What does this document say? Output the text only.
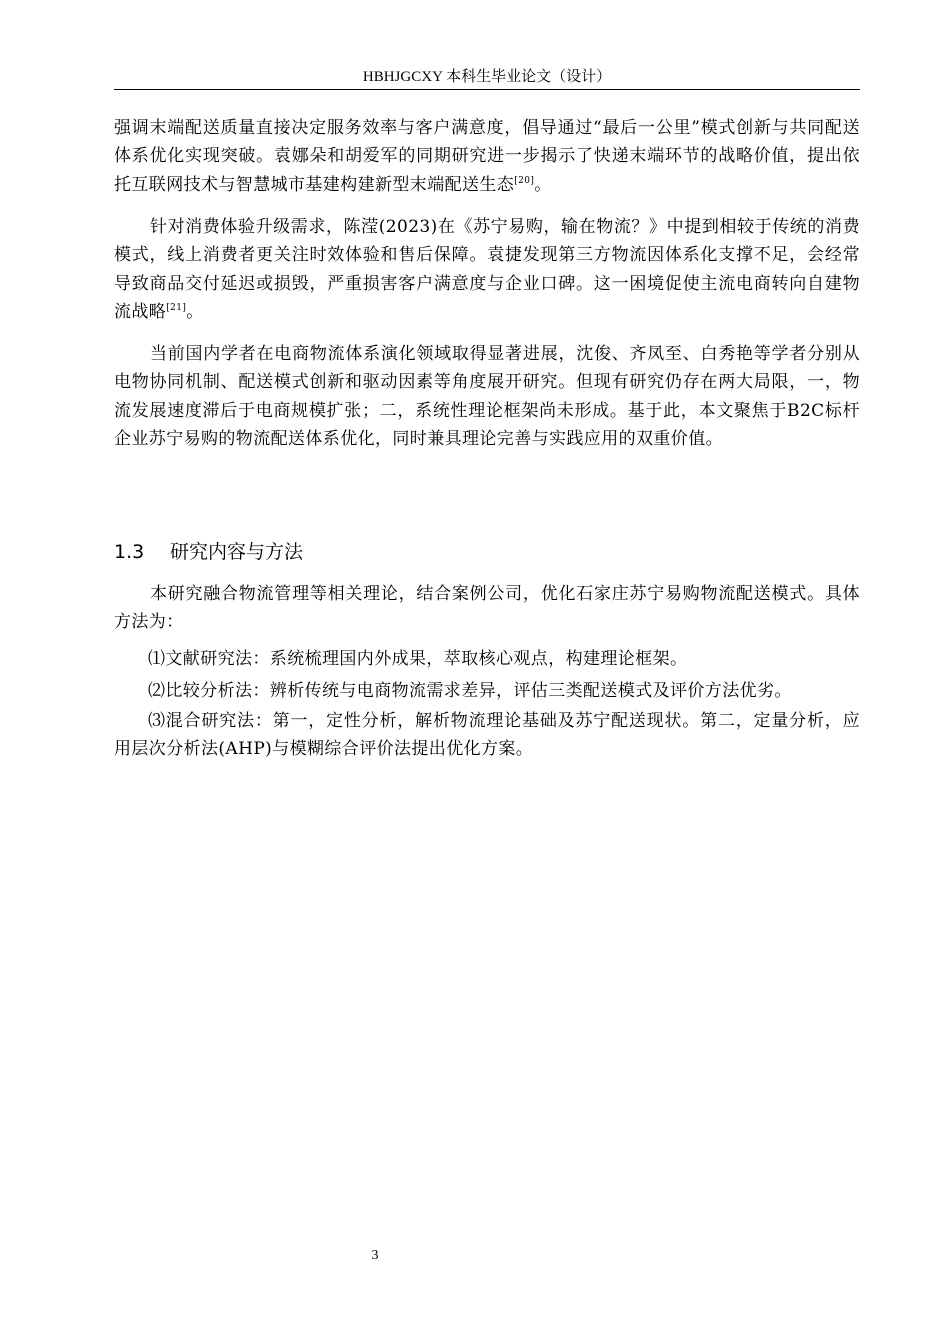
HBHJGCXY 本科生毕业论文（设计）

强调末端配送质量直接决定服务效率与客户满意度，倡导通过“最后一公里”模式创新与共同配送体系优化实现突破。袁娜朵和胡爱军的同期研究进一步揭示了快递末端环节的战略价值，提出依托互联网技术与智慧城市基建构建新型末端配送生态[20]。

针对消费体验升级需求，陈滢(2023)在《苏宁易购，输在物流？》中提到相较于传统的消费模式，线上消费者更关注时效体验和售后保障。袁捷发现第三方物流因体系化支撑不足，会经常导致商品交付延迟或损毁，严重损害客户满意度与企业口碑。这一困境促使主流电商转向自建物流战略[21]。

当前国内学者在电商物流体系演化领域取得显著进展，沈俊、齐凤至、白秀艳等学者分别从电物协同机制、配送模式创新和驱动因素等角度展开研究。但现有研究仍存在两大局限，一，物流发展速度滞后于电商规模扩张；二，系统性理论框架尚未形成。基于此，本文聚焦于B2C标杆企业苏宁易购的物流配送体系优化，同时兼具理论完善与实践应用的双重价值。

1.3 研究内容与方法

本研究融合物流管理等相关理论，结合案例公司，优化石家庄苏宁易购物流配送模式。具体方法为：

⑴文献研究法：系统梳理国内外成果，萃取核心观点，构建理论框架。

⑵比较分析法：辨析传统与电商物流需求差异，评估三类配送模式及评价方法优劣。

⑶混合研究法：第一，定性分析，解析物流理论基础及苏宁配送现状。第二，定量分析，应用层次分析法(AHP)与模糊综合评价法提出优化方案。

3
